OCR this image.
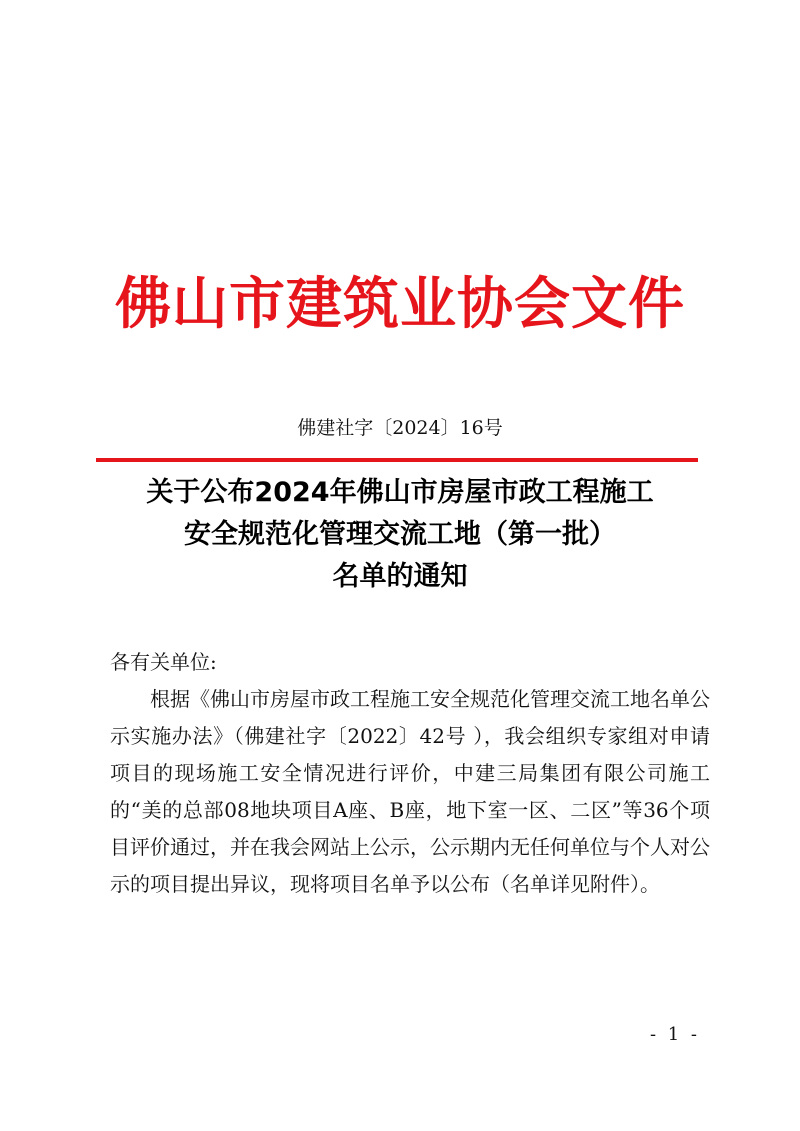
佛山市建筑业协会文件
佛建社字〔2024〕16号
关于公布2024年佛山市房屋市政工程施工
安全规范化管理交流工地（第一批）
名单的通知
各有关单位:

根据《佛山市房屋市政工程施工安全规范化管理交流工地名单公示实施办法》（佛建社字〔2022〕42号 ），我会组织专家组对申请项目的现场施工安全情况进行评价，中建三局集团有限公司施工的“美的总部08地块项目A座、B座，地下室一区、二区”等36个项目评价通过，并在我会网站上公示，公示期内无任何单位与个人对公示的项目提出异议，现将项目名单予以公布（名单详见附件）。

- 1 -
